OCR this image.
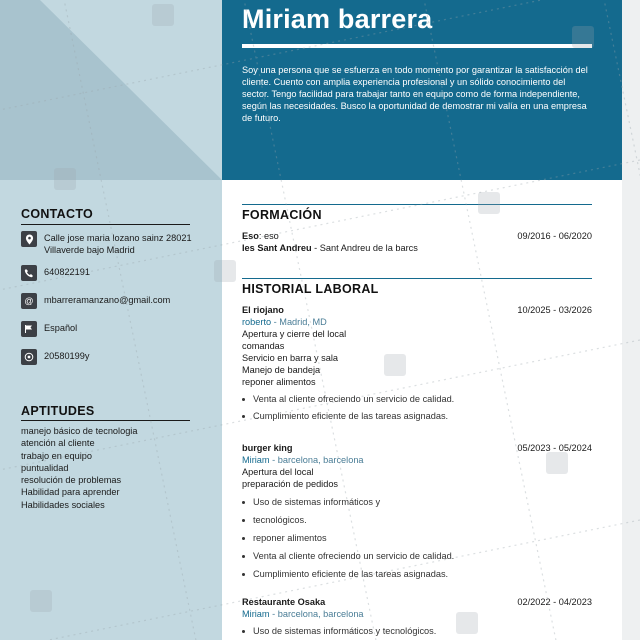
Miriam barrera
Soy una persona que se esfuerza en todo momento por garantizar la satisfacción del cliente. Cuento con amplia experiencia profesional y un sólido conocimiento del sector. Tengo facilidad para trabajar tanto en equipo como de forma independiente, según las necesidades. Busco la oportunidad de demostrar mi valía en una empresa de futuro.
CONTACTO
Calle jose maria lozano sainz 28021 Villaverde bajo Madrid
640822191
@	mbarreramanzano@gmail.com
Español
20580199y
APTITUDES
manejo básico de tecnologia
atención al cliente
trabajo en equipo
puntualidad
resolución de problemas
Habilidad para aprender
Habilidades sociales
FORMACIÓN
Eso: eso
Ies Sant Andreu - Sant Andreu de la barcs
09/2016 - 06/2020
HISTORIAL LABORAL
El riojano	10/2025 - 03/2026
roberto - Madrid, MD
Apertura y cierre del local
comandas
Servicio en barra y sala
Manejo de bandeja
reponer alimentos
Venta al cliente ofreciendo un servicio de calidad.
Cumplimiento eficiente de las tareas asignadas.
burger king	05/2023 - 05/2024
Miriam - barcelona, barcelona
Apertura del local
preparación de pedidos
Uso de sistemas informáticos y
tecnológicos.
reponer alimentos
Venta al cliente ofreciendo un servicio de calidad.
Cumplimiento eficiente de las tareas asignadas.
Restaurante Osaka	02/2022 - 04/2023
Miriam - barcelona, barcelona
Uso de sistemas informáticos y tecnológicos.
